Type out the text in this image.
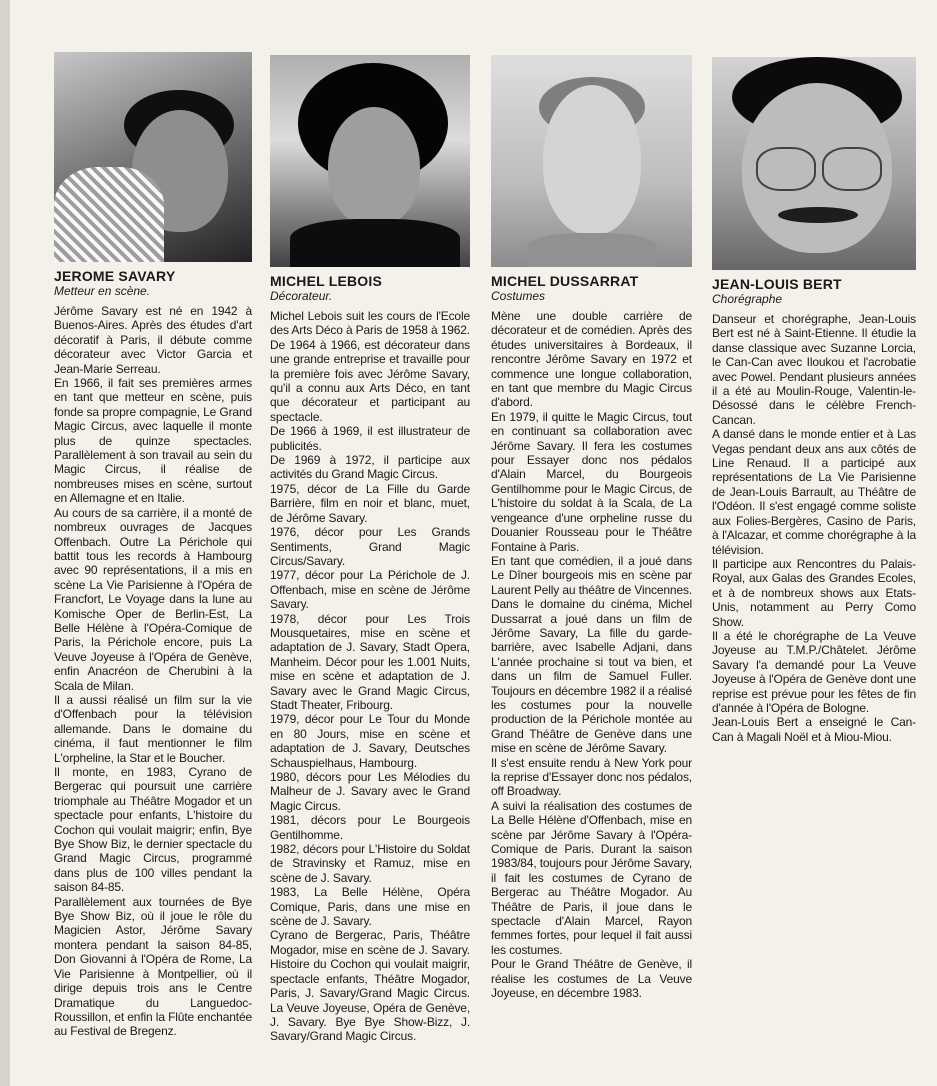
JEROME SAVARY
Metteur en scène.

Jérôme Savary est né en 1942 à Buenos-Aires. Après des études d'art décoratif à Paris, il débute comme décorateur avec Victor Garcia et Jean-Marie Serreau.

En 1966, il fait ses premières armes en tant que metteur en scène, puis fonde sa propre compagnie, Le Grand Magic Circus, avec laquelle il monte plus de quinze spectacles. Parallèlement à son travail au sein du Magic Circus, il réalise de nombreuses mises en scène, surtout en Allemagne et en Italie.

Au cours de sa carrière, il a monté de nombreux ouvrages de Jacques Offenbach. Outre La Périchole qui battit tous les records à Hambourg avec 90 représentations, il a mis en scène La Vie Parisienne à l'Opéra de Francfort, Le Voyage dans la lune au Komische Oper de Berlin-Est, La Belle Hélène à l'Opéra-Comique de Paris, la Périchole encore, puis La Veuve Joyeuse à l'Opéra de Genève, enfin Anacréon de Cherubini à la Scala de Milan.

Il a aussi réalisé un film sur la vie d'Offenbach pour la télévision allemande. Dans le domaine du cinéma, il faut mentionner le film L'orpheline, la Star et le Boucher.

Il monte, en 1983, Cyrano de Bergerac qui poursuit une carrière triomphale au Théâtre Mogador et un spectacle pour enfants, L'histoire du Cochon qui voulait maigrir; enfin, Bye Bye Show Biz, le dernier spectacle du Grand Magic Circus, programmé dans plus de 100 villes pendant la saison 84-85.

Parallèlement aux tournées de Bye Bye Show Biz, où il joue le rôle du Magicien Astor, Jérôme Savary montera pendant la saison 84-85, Don Giovanni à l'Opéra de Rome, La Vie Parisienne à Montpellier, où il dirige depuis trois ans le Centre Dramatique du Languedoc-Roussillon, et enfin la Flûte enchantée au Festival de Bregenz.

MICHEL LEBOIS
Décorateur.

Michel Lebois suit les cours de l'Ecole des Arts Déco à Paris de 1958 à 1962. De 1964 à 1966, est décorateur dans une grande entreprise et travaille pour la première fois avec Jérôme Savary, qu'il a connu aux Arts Déco, en tant que décorateur et participant au spectacle.

De 1966 à 1969, il est illustrateur de publicités.

De 1969 à 1972, il participe aux activités du Grand Magic Circus.

1975, décor de La Fille du Garde Barrière, film en noir et blanc, muet, de Jérôme Savary.

1976, décor pour Les Grands Sentiments, Grand Magic Circus/Savary.

1977, décor pour La Périchole de J. Offenbach, mise en scène de Jérôme Savary.

1978, décor pour Les Trois Mousquetaires, mise en scène et adaptation de J. Savary, Stadt Opera, Manheim. Décor pour les 1.001 Nuits, mise en scène et adaptation de J. Savary avec le Grand Magic Circus, Stadt Theater, Fribourg.

1979, décor pour Le Tour du Monde en 80 Jours, mise en scène et adaptation de J. Savary, Deutsches Schauspielhaus, Hambourg.

1980, décors pour Les Mélodies du Malheur de J. Savary avec le Grand Magic Circus.

1981, décors pour Le Bourgeois Gentilhomme.

1982, décors pour L'Histoire du Soldat de Stravinsky et Ramuz, mise en scène de J. Savary.

1983, La Belle Hélène, Opéra Comique, Paris, dans une mise en scène de J. Savary.

Cyrano de Bergerac, Paris, Théâtre Mogador, mise en scène de J. Savary. Histoire du Cochon qui voulait maigrir, spectacle enfants, Théâtre Mogador, Paris, J. Savary/Grand Magic Circus. La Veuve Joyeuse, Opéra de Genève, J. Savary. Bye Bye Show-Bizz, J. Savary/Grand Magic Circus.

MICHEL DUSSARRAT
Costumes

Mène une double carrière de décorateur et de comédien. Après des études universitaires à Bordeaux, il rencontre Jérôme Savary en 1972 et commence une longue collaboration, en tant que membre du Magic Circus d'abord.

En 1979, il quitte le Magic Circus, tout en continuant sa collaboration avec Jérôme Savary. Il fera les costumes pour Essayer donc nos pédalos d'Alain Marcel, du Bourgeois Gentilhomme pour le Magic Circus, de L'histoire du soldat à la Scala, de La vengeance d'une orpheline russe du Douanier Rousseau pour le Théâtre Fontaine à Paris.

En tant que comédien, il a joué dans Le Dîner bourgeois mis en scène par Laurent Pelly au théâtre de Vincennes. Dans le domaine du cinéma, Michel Dussarrat a joué dans un film de Jérôme Savary, La fille du garde-barrière, avec Isabelle Adjani, dans L'année prochaine si tout va bien, et dans un film de Samuel Fuller. Toujours en décembre 1982 il a réalisé les costumes pour la nouvelle production de la Périchole montée au Grand Théâtre de Genève dans une mise en scène de Jérôme Savary.

Il s'est ensuite rendu à New York pour la reprise d'Essayer donc nos pédalos, off Broadway.

A suivi la réalisation des costumes de La Belle Hélène d'Offenbach, mise en scène par Jérôme Savary à l'Opéra-Comique de Paris. Durant la saison 1983/84, toujours pour Jérôme Savary, il fait les costumes de Cyrano de Bergerac au Théâtre Mogador. Au Théâtre de Paris, il joue dans le spectacle d'Alain Marcel, Rayon femmes fortes, pour lequel il fait aussi les costumes.

Pour le Grand Théâtre de Genève, il réalise les costumes de La Veuve Joyeuse, en décembre 1983.

JEAN-LOUIS BERT
Chorégraphe

Danseur et chorégraphe, Jean-Louis Bert est né à Saint-Etienne. Il étudie la danse classique avec Suzanne Lorcia, le Can-Can avec Iloukou et l'acrobatie avec Powel. Pendant plusieurs années il a été au Moulin-Rouge, Valentin-le-Désossé dans le célèbre French-Cancan.

A dansé dans le monde entier et à Las Vegas pendant deux ans aux côtés de Line Renaud. Il a participé aux représentations de La Vie Parisienne de Jean-Louis Barrault, au Théâtre de l'Odéon. Il s'est engagé comme soliste aux Folies-Bergères, Casino de Paris, à l'Alcazar, et comme chorégraphe à la télévision.

Il participe aux Rencontres du Palais-Royal, aux Galas des Grandes Ecoles, et à de nombreux shows aux Etats-Unis, notamment au Perry Como Show.

Il a été le chorégraphe de La Veuve Joyeuse au T.M.P./Châtelet. Jérôme Savary l'a demandé pour La Veuve Joyeuse à l'Opéra de Genève dont une reprise est prévue pour les fêtes de fin d'année à l'Opéra de Bologne.

Jean-Louis Bert a enseigné le Can-Can à Magali Noël et à Miou-Miou.
